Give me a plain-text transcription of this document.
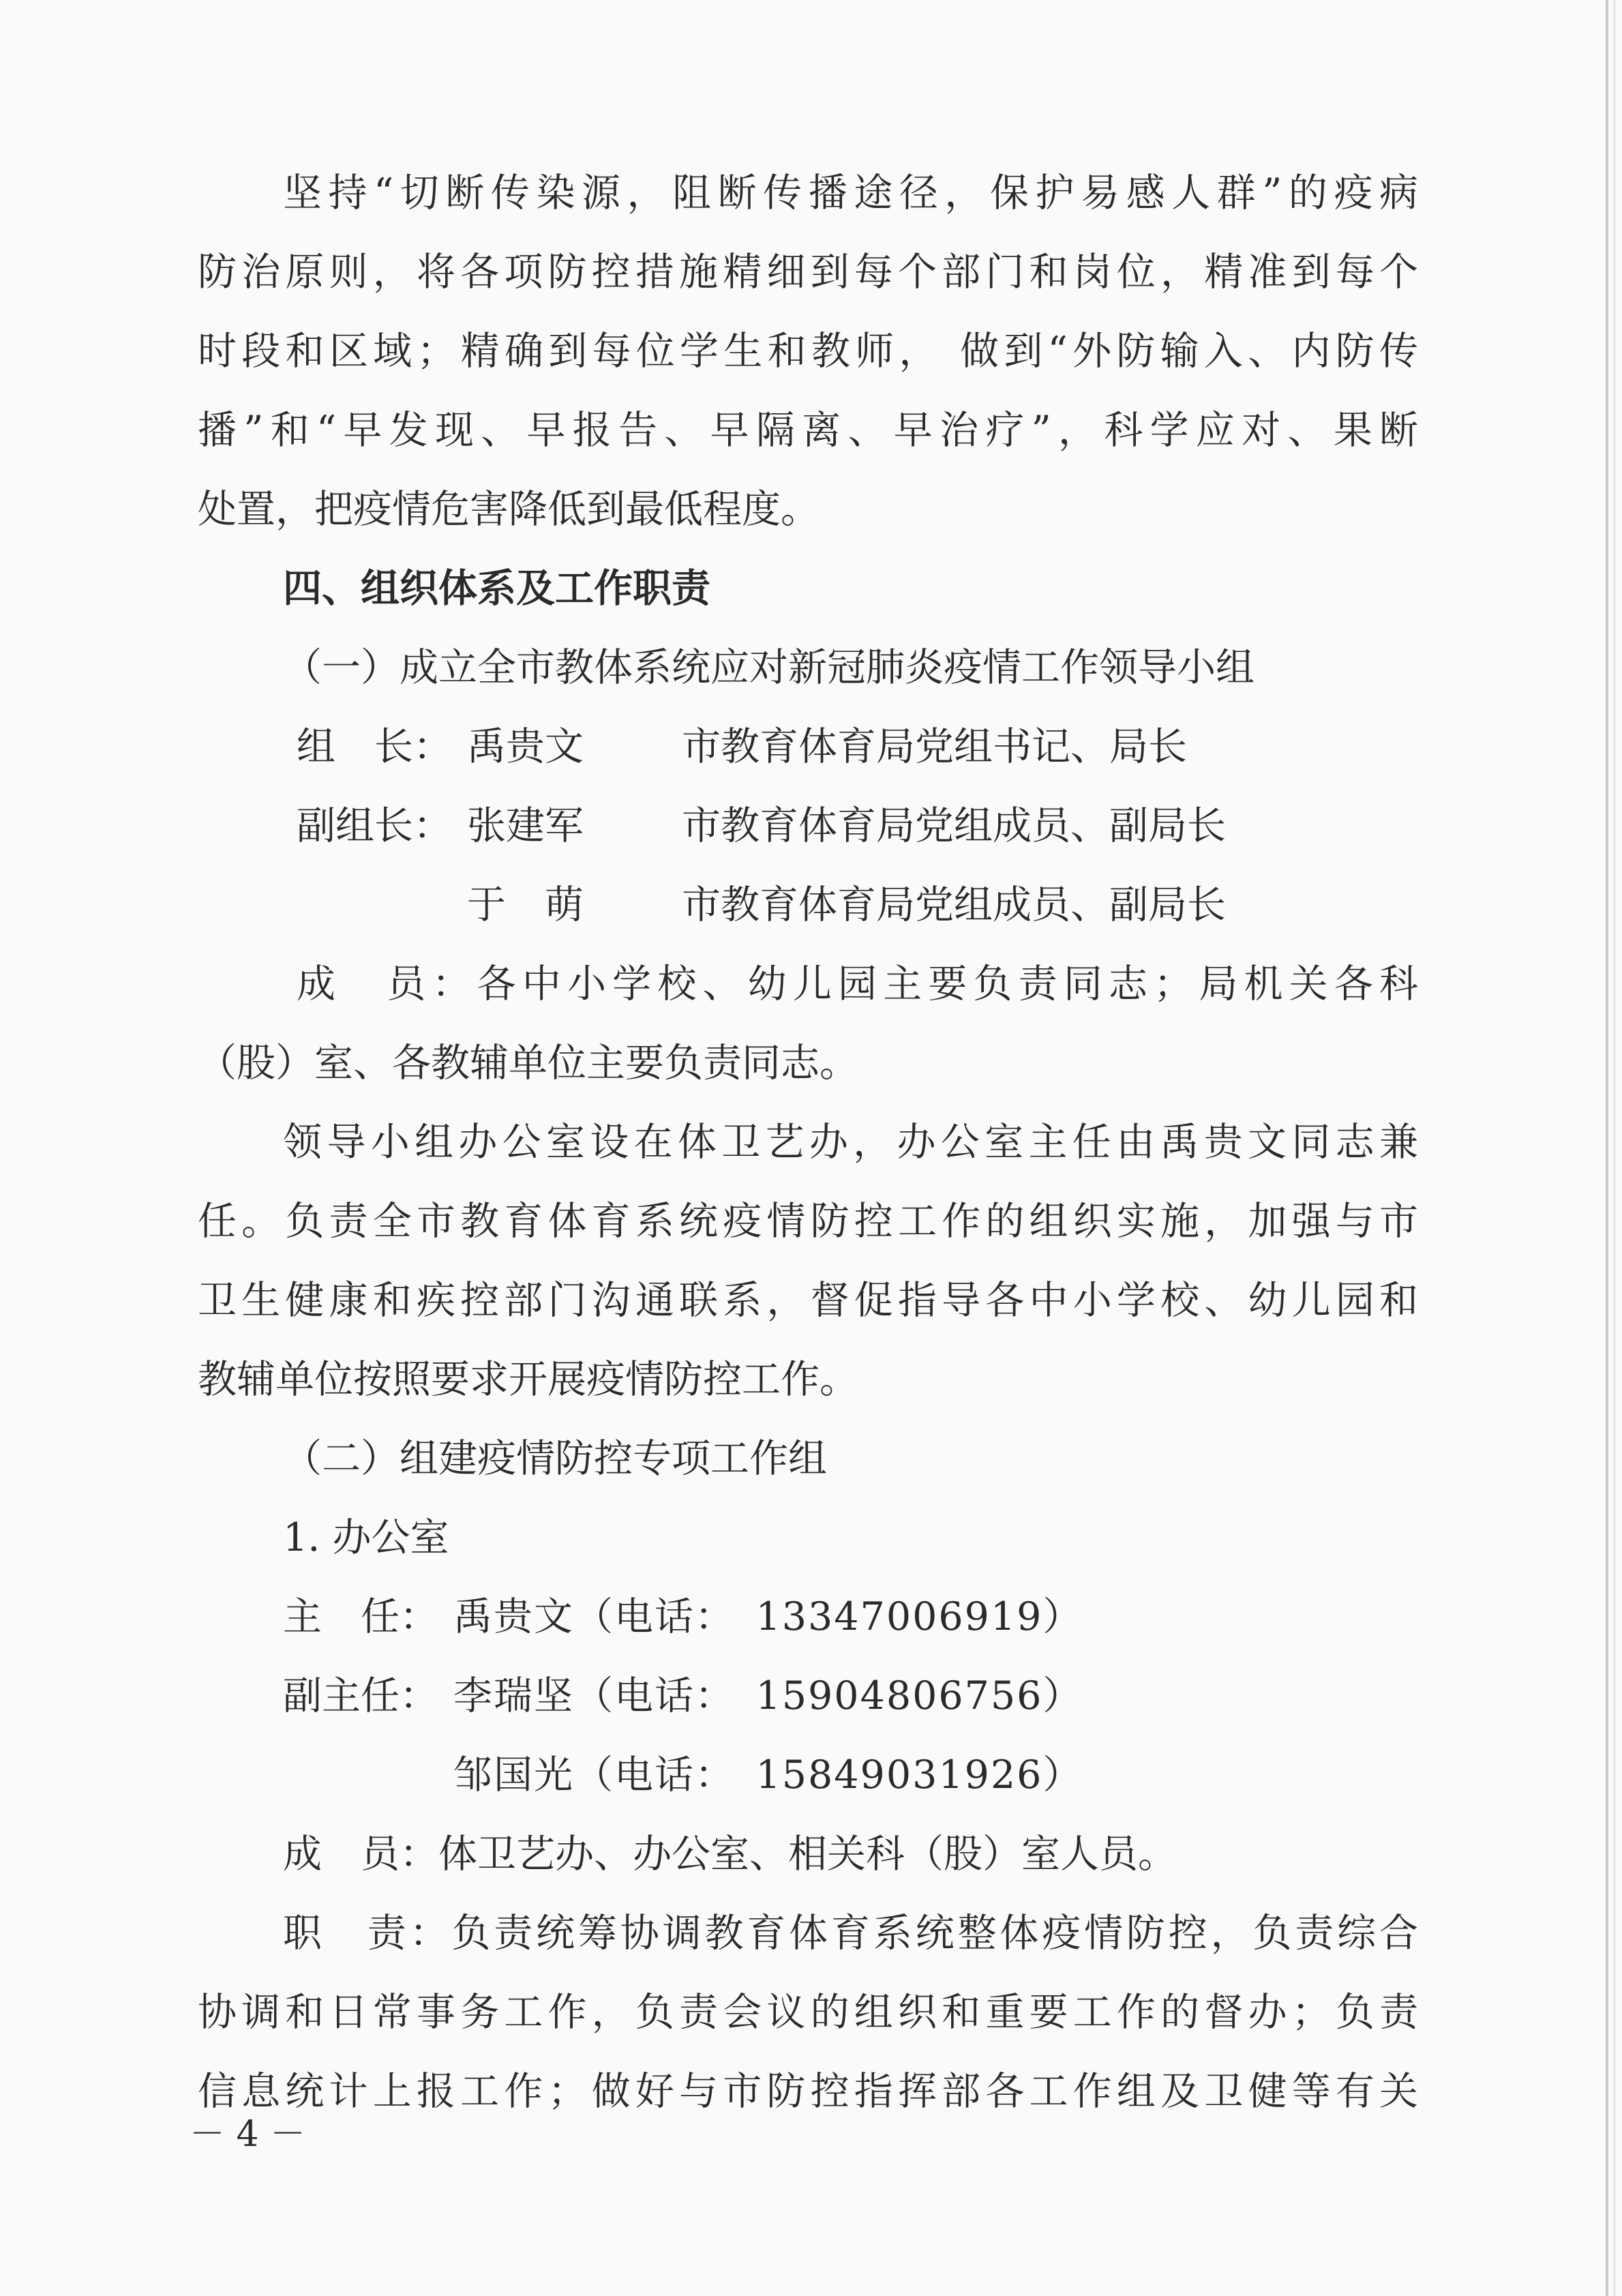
坚持“切断传染源，阻断传播途径，保护易感人群”的疫病

防治原则，将各项防控措施精细到每个部门和岗位，精准到每个

时段和区域；精确到每位学生和教师， 做到“外防输入、内防传

播”和“早发现、早报告、早隔离、早治疗”，科学应对、果断

处置，把疫情危害降低到最低程度。

四、组织体系及工作职责

（一）成立全市教体系统应对新冠肺炎疫情工作领导小组

组　长： 禹贵文	市教育体育局党组书记、局长

副组长： 张建军	市教育体育局党组成员、副局长

于　萌	市教育体育局党组成员、副局长

成　员：各中小学校、幼儿园主要负责同志；局机关各科

（股）室、各教辅单位主要负责同志。

领导小组办公室设在体卫艺办，办公室主任由禹贵文同志兼

任。负责全市教育体育系统疫情防控工作的组织实施，加强与市

卫生健康和疾控部门沟通联系，督促指导各中小学校、幼儿园和

教辅单位按照要求开展疫情防控工作。

（二）组建疫情防控专项工作组

1. 办公室

主　任： 禹贵文（电话：　13347006919）

副主任： 李瑞坚（电话：　15904806756）

邹国光（电话：　15849031926）

成　员：体卫艺办、办公室、相关科（股）室人员。

职　责：负责统筹协调教育体育系统整体疫情防控，负责综合

协调和日常事务工作，负责会议的组织和重要工作的督办；负责

信息统计上报工作；做好与市防控指挥部各工作组及卫健等有关

－ 4 －
